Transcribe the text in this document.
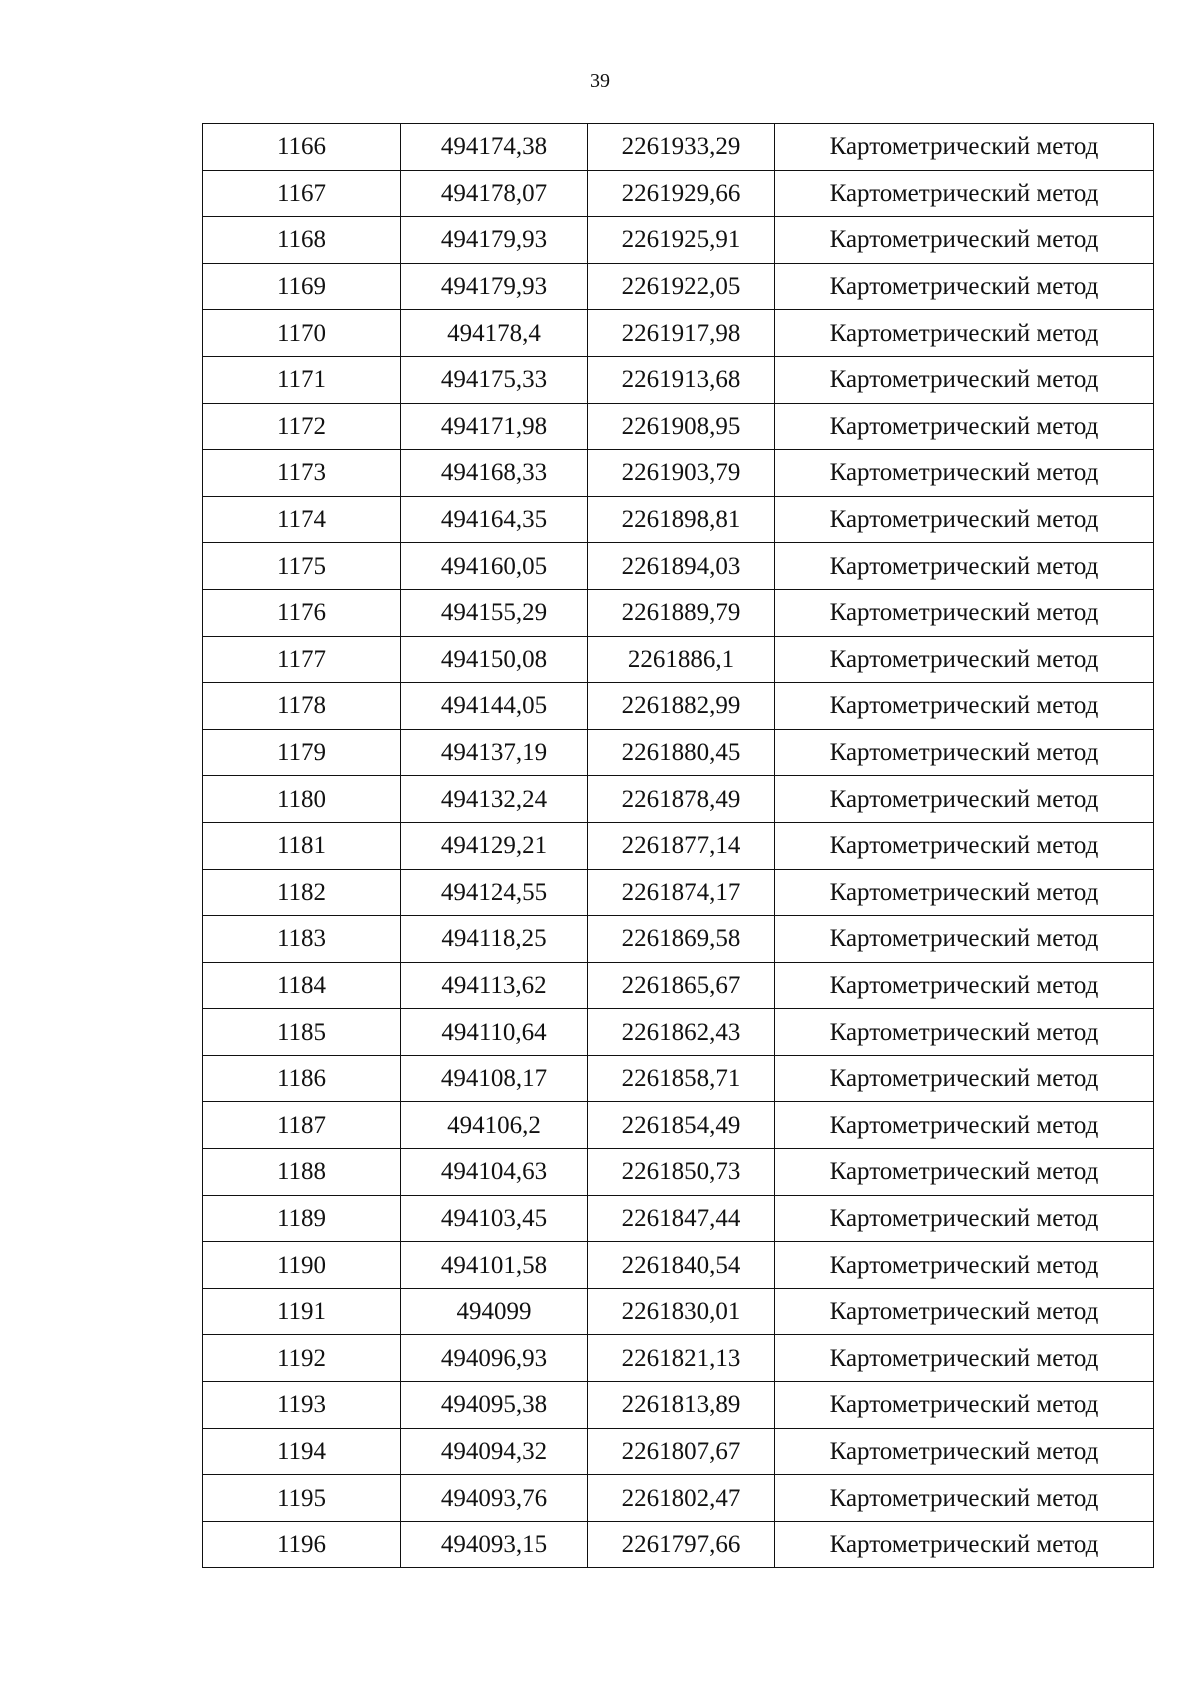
39
1166	494174,38	2261933,29	Картометрический метод
1167	494178,07	2261929,66	Картометрический метод
1168	494179,93	2261925,91	Картометрический метод
1169	494179,93	2261922,05	Картометрический метод
1170	494178,4	2261917,98	Картометрический метод
1171	494175,33	2261913,68	Картометрический метод
1172	494171,98	2261908,95	Картометрический метод
1173	494168,33	2261903,79	Картометрический метод
1174	494164,35	2261898,81	Картометрический метод
1175	494160,05	2261894,03	Картометрический метод
1176	494155,29	2261889,79	Картометрический метод
1177	494150,08	2261886,1	Картометрический метод
1178	494144,05	2261882,99	Картометрический метод
1179	494137,19	2261880,45	Картометрический метод
1180	494132,24	2261878,49	Картометрический метод
1181	494129,21	2261877,14	Картометрический метод
1182	494124,55	2261874,17	Картометрический метод
1183	494118,25	2261869,58	Картометрический метод
1184	494113,62	2261865,67	Картометрический метод
1185	494110,64	2261862,43	Картометрический метод
1186	494108,17	2261858,71	Картометрический метод
1187	494106,2	2261854,49	Картометрический метод
1188	494104,63	2261850,73	Картометрический метод
1189	494103,45	2261847,44	Картометрический метод
1190	494101,58	2261840,54	Картометрический метод
1191	494099	2261830,01	Картометрический метод
1192	494096,93	2261821,13	Картометрический метод
1193	494095,38	2261813,89	Картометрический метод
1194	494094,32	2261807,67	Картометрический метод
1195	494093,76	2261802,47	Картометрический метод
1196	494093,15	2261797,66	Картометрический метод
